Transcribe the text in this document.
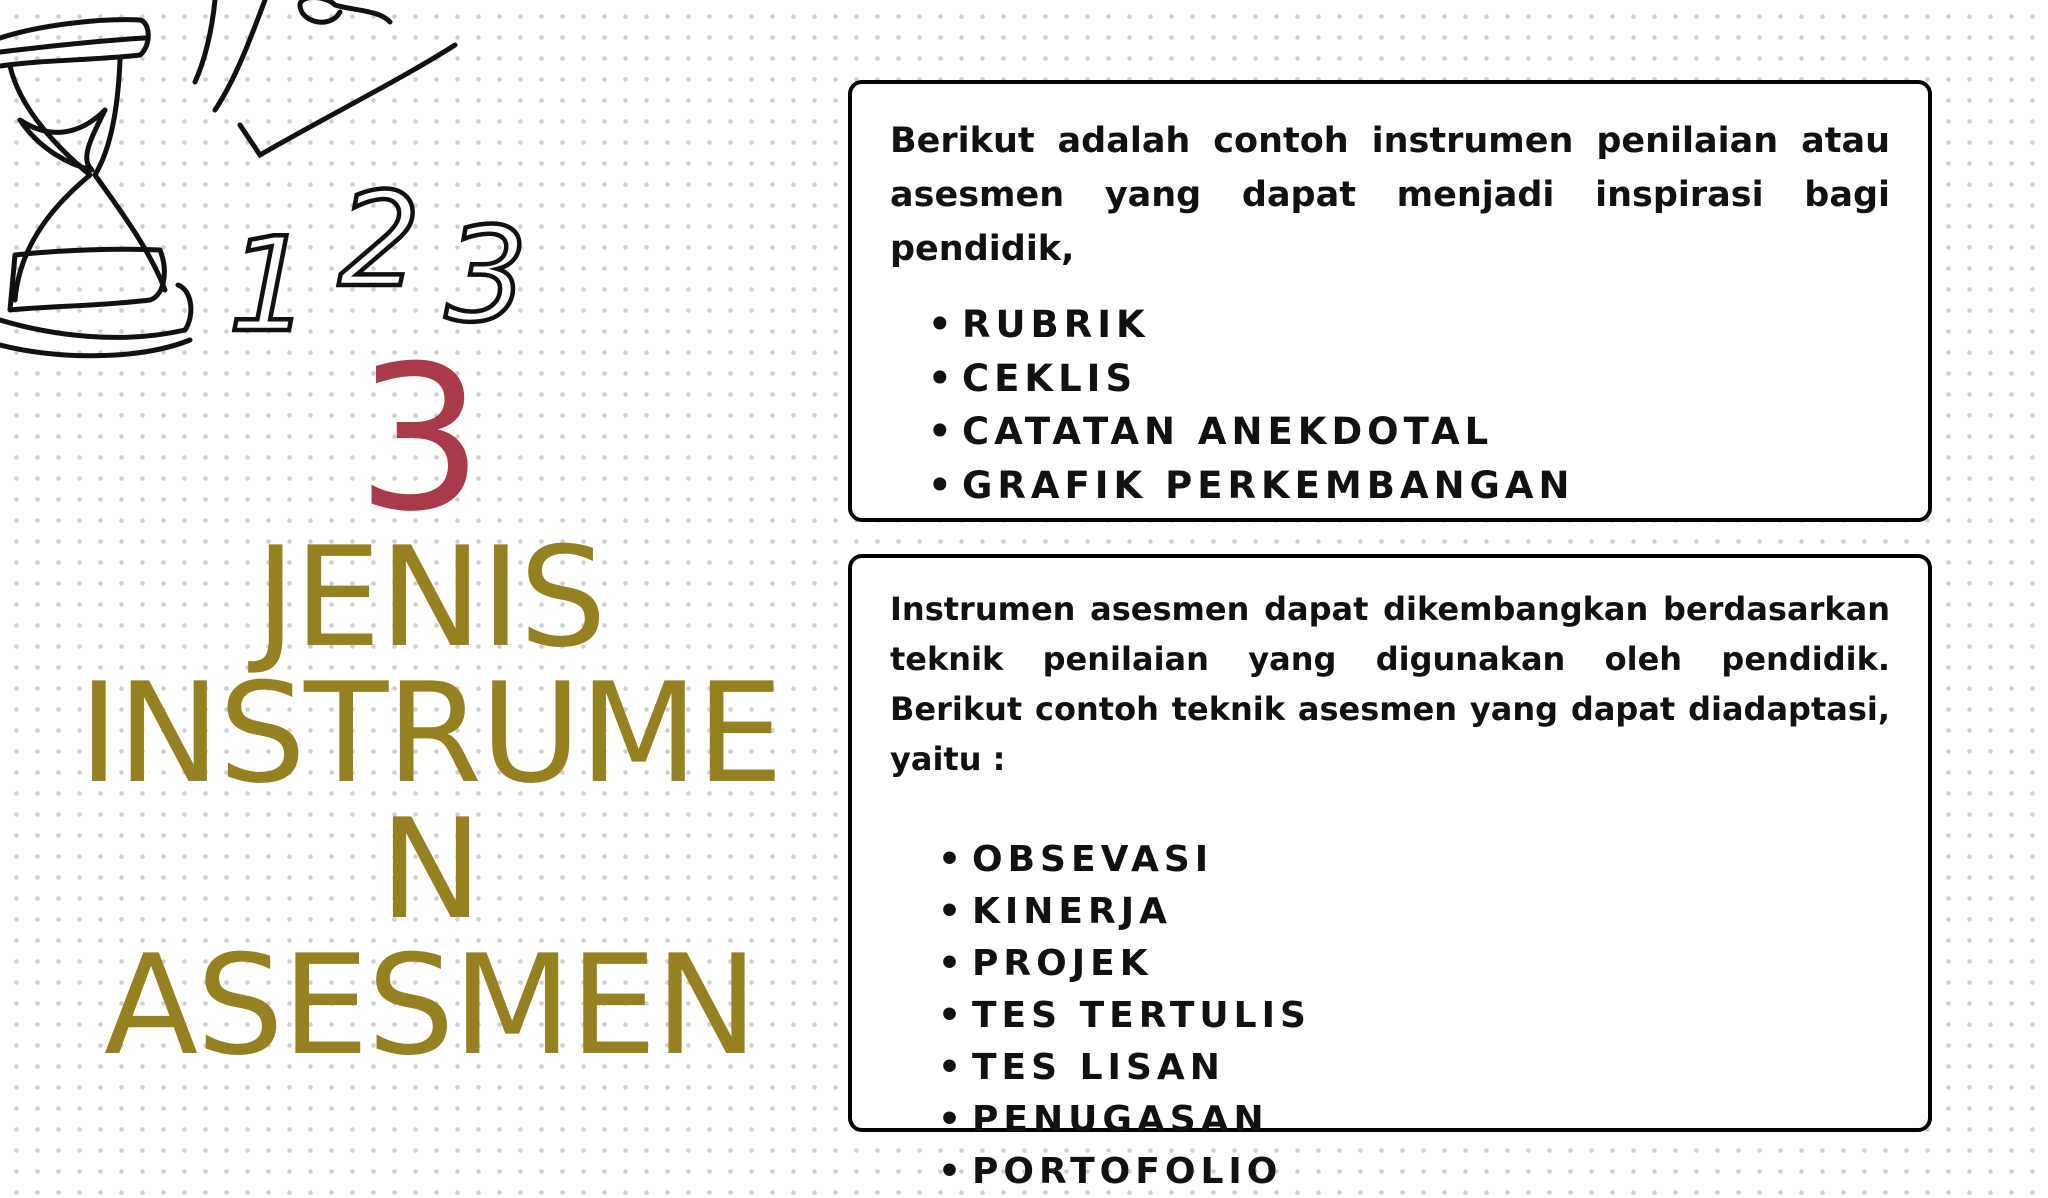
1 2 3
3
JENIS
INSTRUME
N
ASESMEN

Berikut adalah contoh instrumen penilaian atau asesmen yang dapat menjadi inspirasi bagi pendidik,

• RUBRIK
• CEKLIS
• CATATAN ANEKDOTAL
• GRAFIK PERKEMBANGAN

Instrumen asesmen dapat dikembangkan berdasarkan teknik penilaian yang digunakan oleh pendidik. Berikut contoh teknik asesmen yang dapat diadaptasi, yaitu :

• OBSEVASI
• KINERJA
• PROJEK
• TES TERTULIS
• TES LISAN
• PENUGASAN
• PORTOFOLIO
